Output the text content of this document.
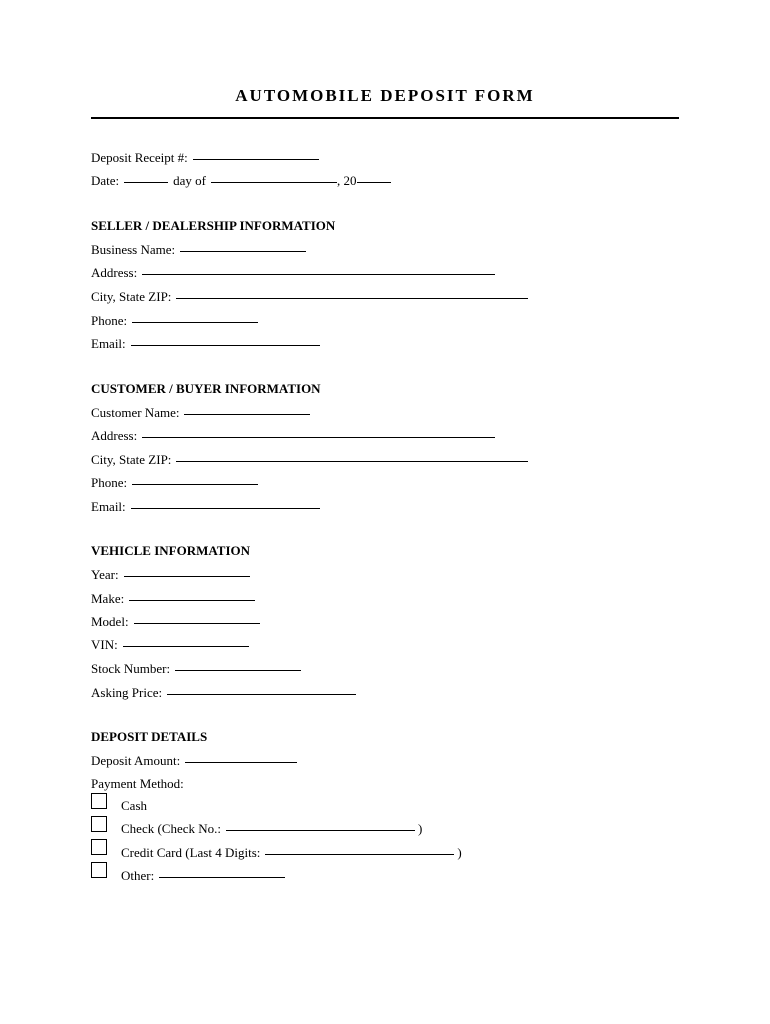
AUTOMOBILE DEPOSIT FORM
Deposit Receipt #:
Date:	day of	, 20
SELLER / DEALERSHIP INFORMATION
Business Name:
Address:
City, State ZIP:
Phone:
Email:
CUSTOMER / BUYER INFORMATION
Customer Name:
Address:
City, State ZIP:
Phone:
Email:
VEHICLE INFORMATION
Year:
Make:
Model:
VIN:
Stock Number:
Asking Price:
DEPOSIT DETAILS
Deposit Amount:
Payment Method:
Cash
Check (Check No.:	)
Credit Card (Last 4 Digits:	)
Other:
